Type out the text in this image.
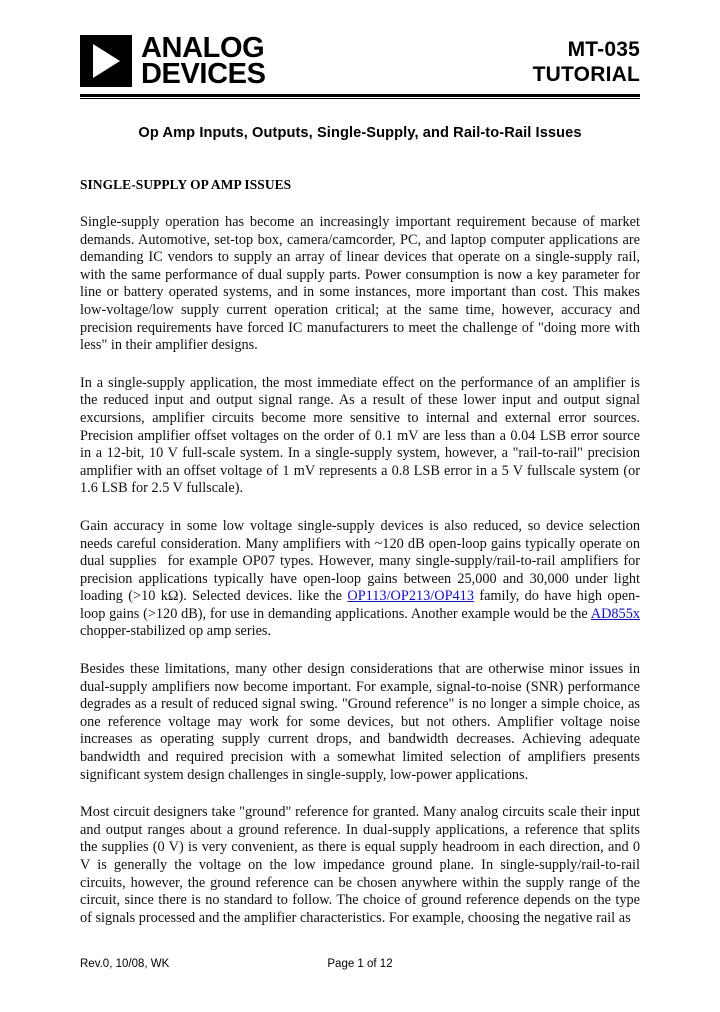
ANALOG
DEVICES
MT-035
TUTORIAL
Op Amp Inputs, Outputs, Single-Supply, and Rail-to-Rail Issues
SINGLE-SUPPLY OP AMP ISSUES

Single-supply operation has become an increasingly important requirement because of market demands. Automotive, set-top box, camera/camcorder, PC, and laptop computer applications are demanding IC vendors to supply an array of linear devices that operate on a single-supply rail, with the same performance of dual supply parts. Power consumption is now a key parameter for line or battery operated systems, and in some instances, more important than cost. This makes low-voltage/low supply current operation critical; at the same time, however, accuracy and precision requirements have forced IC manufacturers to meet the challenge of "doing more with less" in their amplifier designs.

In a single-supply application, the most immediate effect on the performance of an amplifier is the reduced input and output signal range. As a result of these lower input and output signal excursions, amplifier circuits become more sensitive to internal and external error sources. Precision amplifier offset voltages on the order of 0.1 mV are less than a 0.04 LSB error source in a 12-bit, 10 V full-scale system. In a single-supply system, however, a "rail-to-rail" precision amplifier with an offset voltage of 1 mV represents a 0.8 LSB error in a 5 V fullscale system (or 1.6 LSB for 2.5 V fullscale).

Gain accuracy in some low voltage single-supply devices is also reduced, so device selection needs careful consideration. Many amplifiers with ~120 dB open-loop gains typically operate on dual supplies for example OP07 types. However, many single-supply/rail-to-rail amplifiers for precision applications typically have open-loop gains between 25,000 and 30,000 under light loading (>10 kΩ). Selected devices. like the OP113/OP213/OP413 family, do have high open-loop gains (>120 dB), for use in demanding applications. Another example would be the AD855x chopper-stabilized op amp series.

Besides these limitations, many other design considerations that are otherwise minor issues in dual-supply amplifiers now become important. For example, signal-to-noise (SNR) performance degrades as a result of reduced signal swing. "Ground reference" is no longer a simple choice, as one reference voltage may work for some devices, but not others. Amplifier voltage noise increases as operating supply current drops, and bandwidth decreases. Achieving adequate bandwidth and required precision with a somewhat limited selection of amplifiers presents significant system design challenges in single-supply, low-power applications.

Most circuit designers take "ground" reference for granted. Many analog circuits scale their input and output ranges about a ground reference. In dual-supply applications, a reference that splits the supplies (0 V) is very convenient, as there is equal supply headroom in each direction, and 0 V is generally the voltage on the low impedance ground plane. In single-supply/rail-to-rail circuits, however, the ground reference can be chosen anywhere within the supply range of the circuit, since there is no standard to follow. The choice of ground reference depends on the type of signals processed and the amplifier characteristics. For example, choosing the negative rail as

Rev.0, 10/08, WK	Page 1 of 12
